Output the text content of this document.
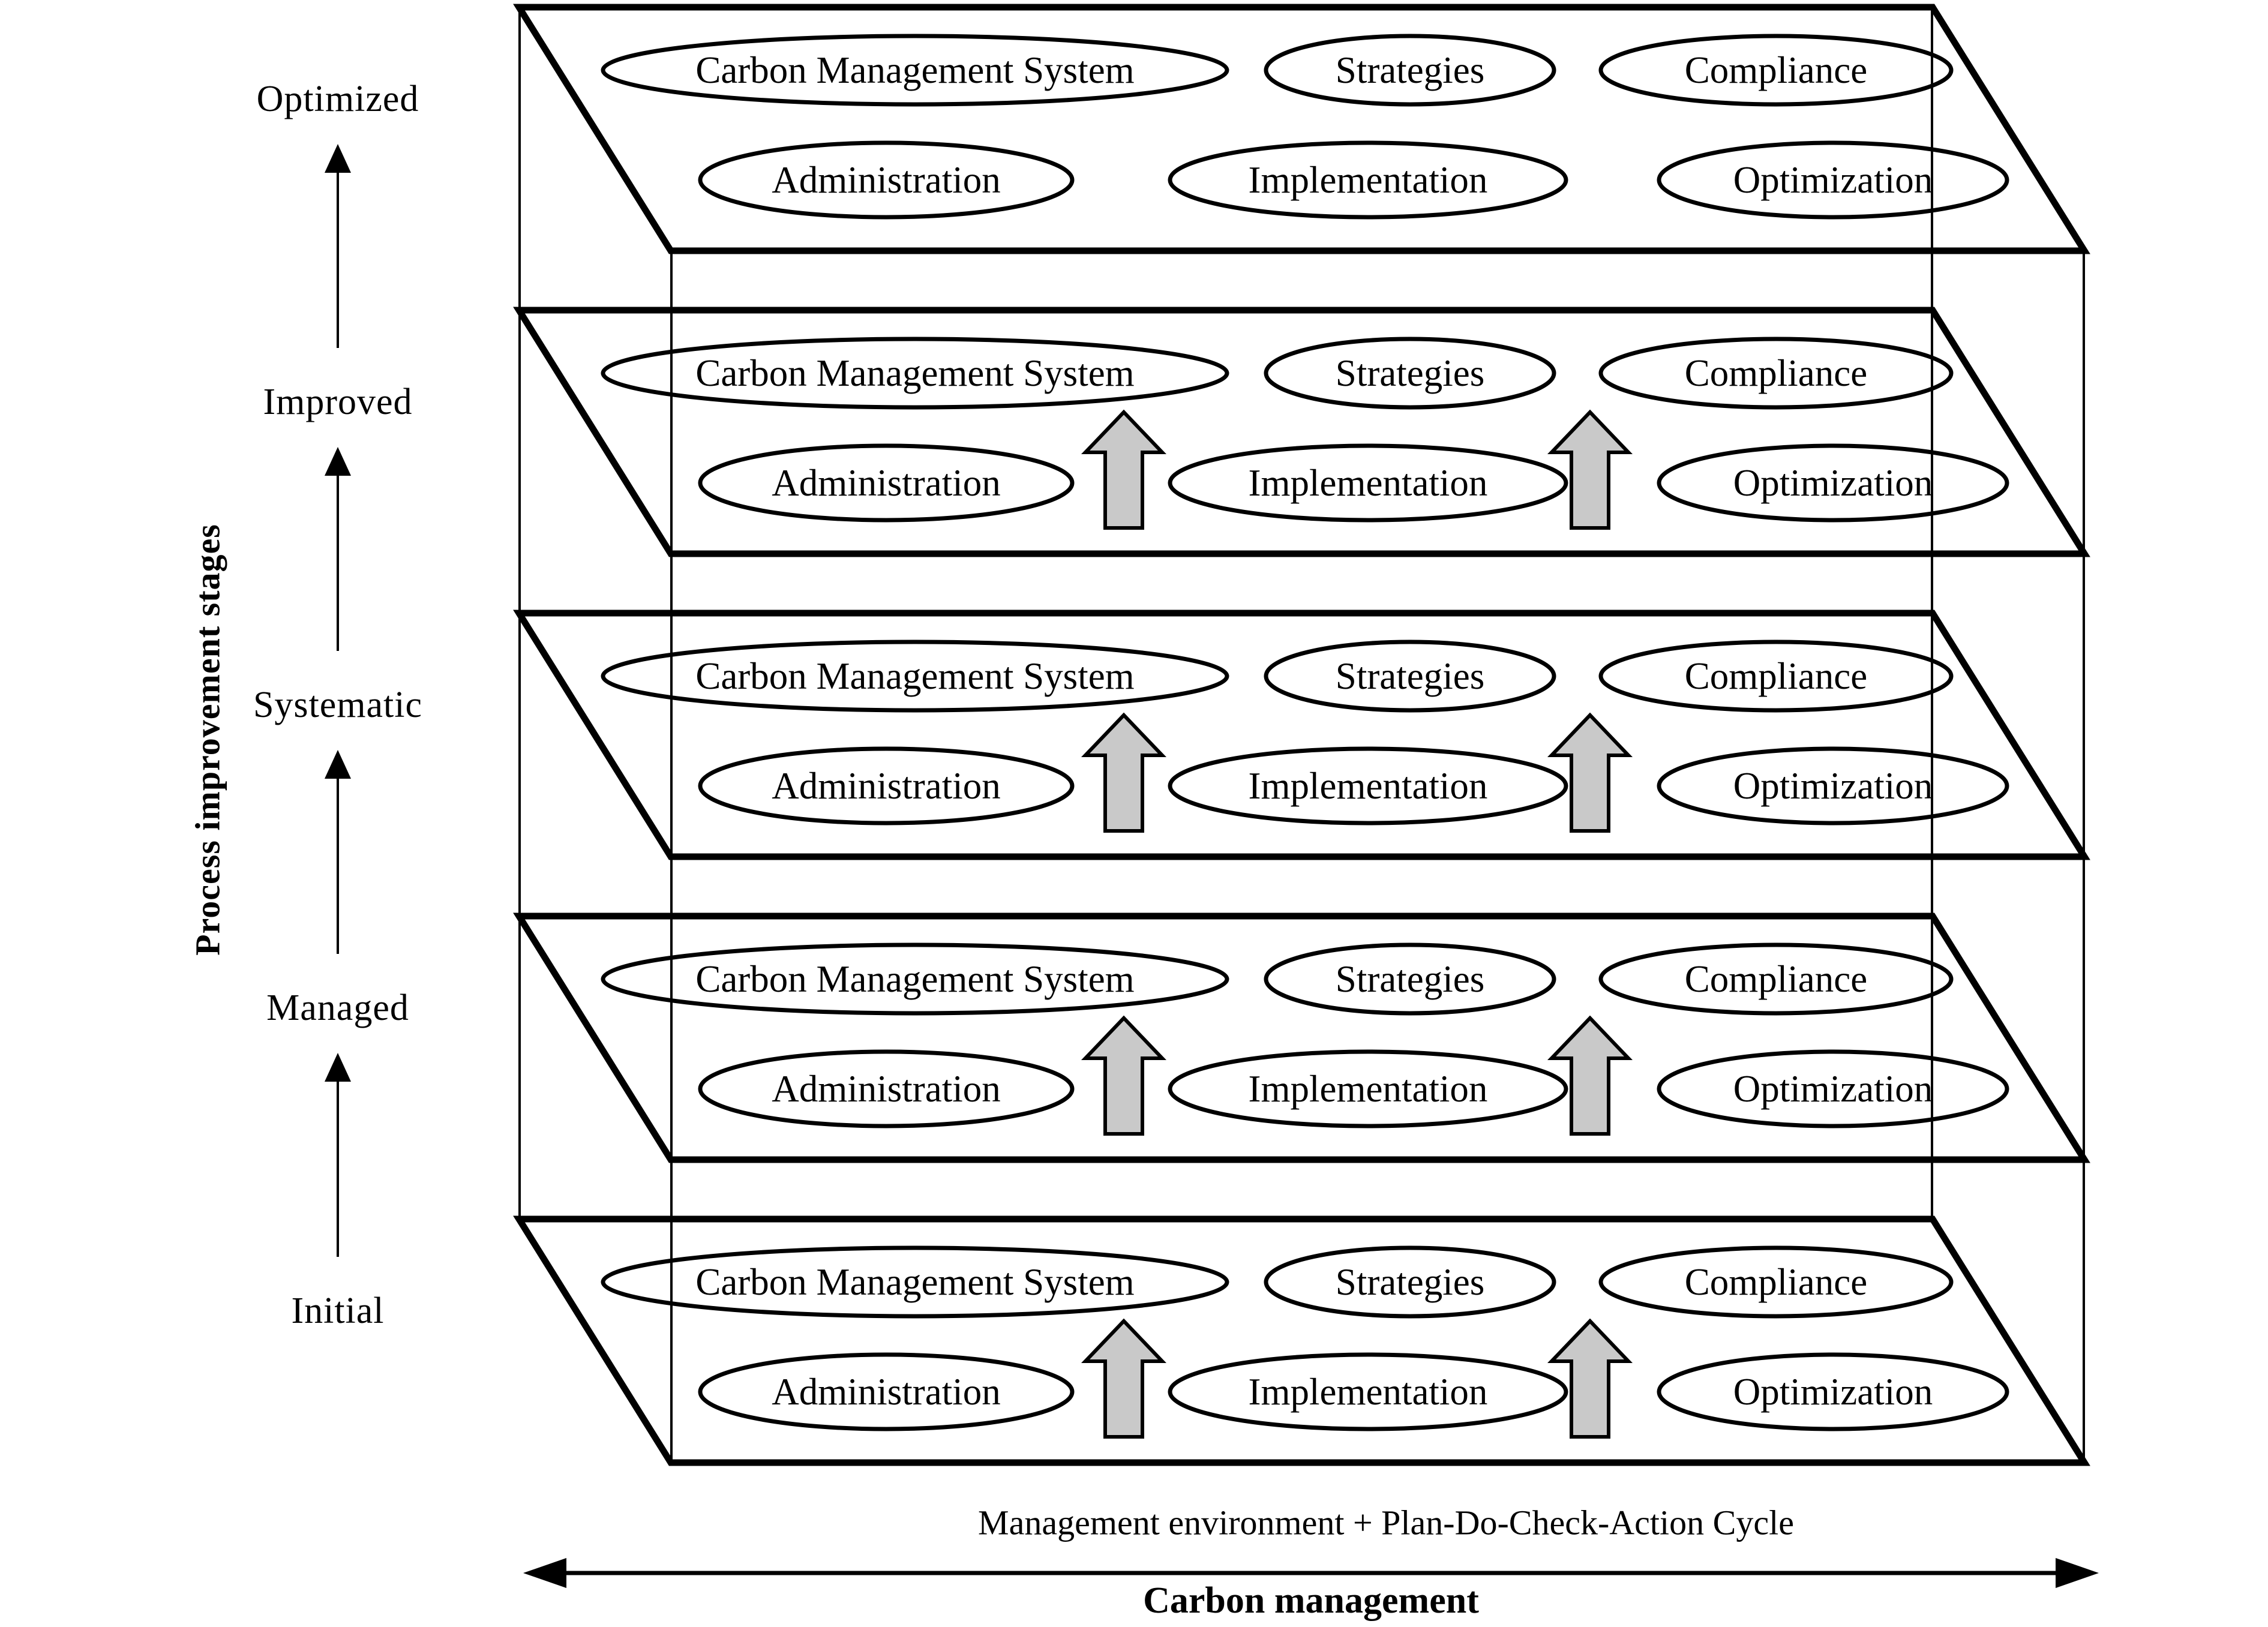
Optimized
Improved
Systematic
Managed
Initial
Process improvement stages
Carbon Management System	Strategies	Compliance
Administration	Implementation	Optimization
Carbon Management System	Strategies	Compliance
Administration	Implementation	Optimization
Carbon Management System	Strategies	Compliance
Administration	Implementation	Optimization
Carbon Management System	Strategies	Compliance
Administration	Implementation	Optimization
Carbon Management System	Strategies	Compliance
Administration	Implementation	Optimization
Management environment + Plan-Do-Check-Action Cycle
Carbon management
